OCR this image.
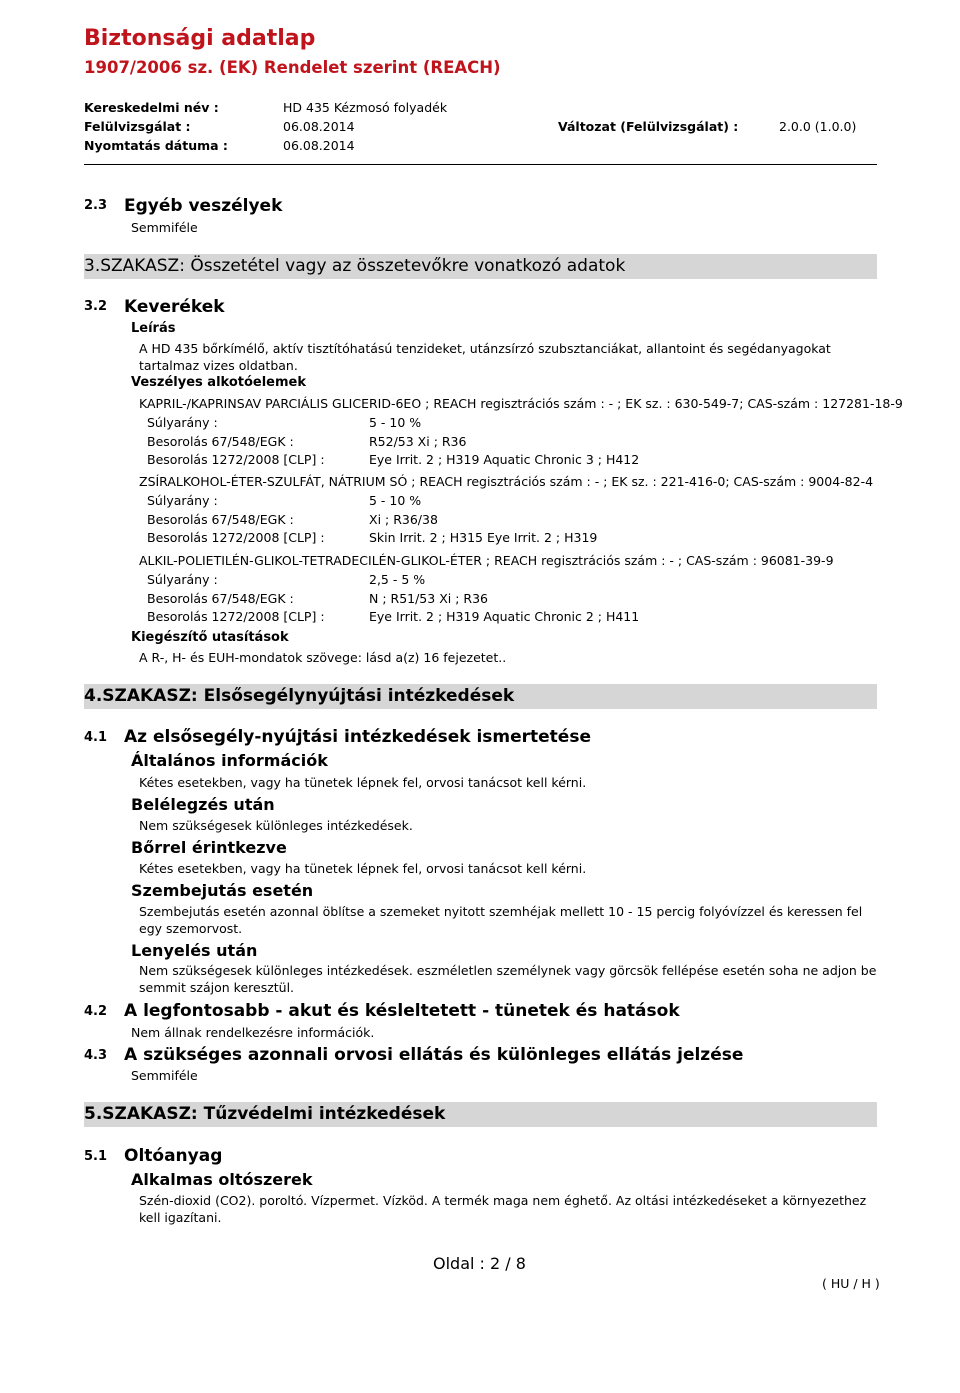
Biztonsági adatlap
1907/2006 sz. (EK) Rendelet szerint (REACH)
Kereskedelmi név :	HD 435 Kézmosó folyadék
Felülvizsgálat :	06.08.2014	Változat (Felülvizsgálat) :	2.0.0 (1.0.0)
Nyomtatás dátuma :	06.08.2014
2.3 Egyéb veszélyek
Semmiféle
3.SZAKASZ: Összetétel vagy az összetevőkre vonatkozó adatok
3.2 Keverékek
Leírás
A HD 435 bőrkímélő, aktív tisztítóhatású tenzideket, utánzsírzó szubsztanciákat, allantoint és segédanyagokat tartalmaz vizes oldatban.
Veszélyes alkotóelemek
KAPRIL-/KAPRINSAV PARCIÁLIS GLICERID-6EO ; REACH regisztrációs szám : - ; EK sz. : 630-549-7; CAS-szám : 127281-18-9
Súlyarány :	5 - 10 %
Besorolás 67/548/EGK :	R52/53 Xi ; R36
Besorolás 1272/2008 [CLP] :	Eye Irrit. 2 ; H319 Aquatic Chronic 3 ; H412
ZSÍRALKOHOL-ÉTER-SZULFÁT, NÁTRIUM SÓ ; REACH regisztrációs szám : - ; EK sz. : 221-416-0; CAS-szám : 9004-82-4
Súlyarány :	5 - 10 %
Besorolás 67/548/EGK :	Xi ; R36/38
Besorolás 1272/2008 [CLP] :	Skin Irrit. 2 ; H315 Eye Irrit. 2 ; H319
ALKIL-POLIETILÉN-GLIKOL-TETRADECILÉN-GLIKOL-ÉTER ; REACH regisztrációs szám : - ; CAS-szám : 96081-39-9
Súlyarány :	2,5 - 5 %
Besorolás 67/548/EGK :	N ; R51/53 Xi ; R36
Besorolás 1272/2008 [CLP] :	Eye Irrit. 2 ; H319 Aquatic Chronic 2 ; H411
Kiegészítő utasítások
A R-, H- és EUH-mondatok szövege: lásd a(z) 16 fejezetet..
4.SZAKASZ: Elsősegélynyújtási intézkedések
4.1 Az elsősegély-nyújtási intézkedések ismertetése
Általános információk
Kétes esetekben, vagy ha tünetek lépnek fel, orvosi tanácsot kell kérni.
Belélegzés után
Nem szükségesek különleges intézkedések.
Bőrrel érintkezve
Kétes esetekben, vagy ha tünetek lépnek fel, orvosi tanácsot kell kérni.
Szembejutás esetén
Szembejutás esetén azonnal öblítse a szemeket nyitott szemhéjak mellett 10 - 15 percig folyóvízzel és keressen fel egy szemorvost.
Lenyelés után
Nem szükségesek különleges intézkedések. eszméletlen személynek vagy görcsök fellépése esetén soha ne adjon be semmit szájon keresztül.
4.2 A legfontosabb - akut és késleltetett - tünetek és hatások
Nem állnak rendelkezésre információk.
4.3 A szükséges azonnali orvosi ellátás és különleges ellátás jelzése
Semmiféle
5.SZAKASZ: Tűzvédelmi intézkedések
5.1 Oltóanyag
Alkalmas oltószerek
Szén-dioxid (CO2). poroltó. Vízpermet. Vízköd. A termék maga nem éghető. Az oltási intézkedéseket a környezethez kell igazítani.
Oldal : 2 / 8
( HU / H )
